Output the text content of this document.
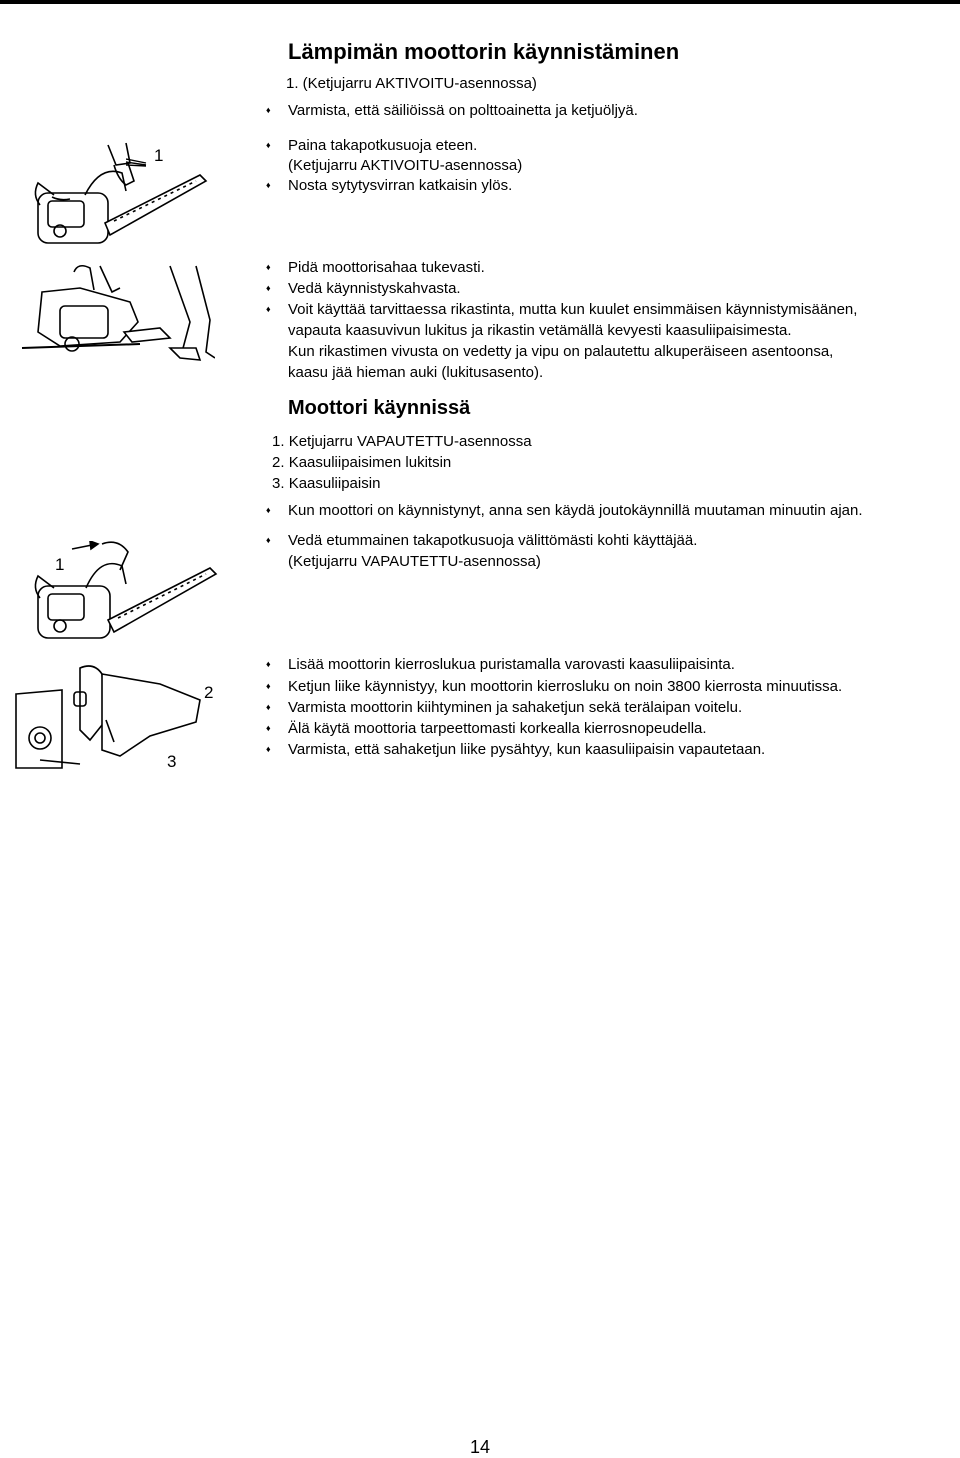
Lämpimän moottorin käynnistäminen
1. (Ketjujarru AKTIVOITU-asennossa)
♦ Varmista, että säiliöissä on polttoainetta ja ketjuöljyä.
♦ Paina takapotkusuoja eteen.
(Ketjujarru AKTIVOITU-asennossa)
♦ Nosta sytytysvirran katkaisin ylös.
♦ Pidä moottorisahaa tukevasti.
♦ Vedä käynnistyskahvasta.
♦ Voit käyttää tarvittaessa rikastinta, mutta kun kuulet ensimmäisen käynnistymisäänen,
vapauta kaasuvivun lukitus ja rikastin vetämällä kevyesti kaasuliipaisimesta.
Kun rikastimen vivusta on vedetty ja vipu on palautettu alkuperäiseen asentoonsa,
kaasu jää hieman auki (lukitusasento).
Moottori käynnissä
1. Ketjujarru VAPAUTETTU-asennossa
2. Kaasuliipaisimen lukitsin
3. Kaasuliipaisin
♦ Kun moottori on käynnistynyt, anna sen käydä joutokäynnillä muutaman minuutin ajan.
♦ Vedä etummainen takapotkusuoja välittömästi kohti käyttäjää.
(Ketjujarru VAPAUTETTU-asennossa)
♦ Lisää moottorin kierroslukua puristamalla varovasti kaasuliipaisinta.
♦ Ketjun liike käynnistyy, kun moottorin kierrosluku on noin 3800 kierrosta minuutissa.
♦ Varmista moottorin kiihtyminen ja sahaketjun sekä terälaipan voitelu.
♦ Älä käytä moottoria tarpeettomasti korkealla kierrosnopeudella.
♦ Varmista, että sahaketjun liike pysähtyy, kun kaasuliipaisin vapautetaan.
1
1
2
3
14
